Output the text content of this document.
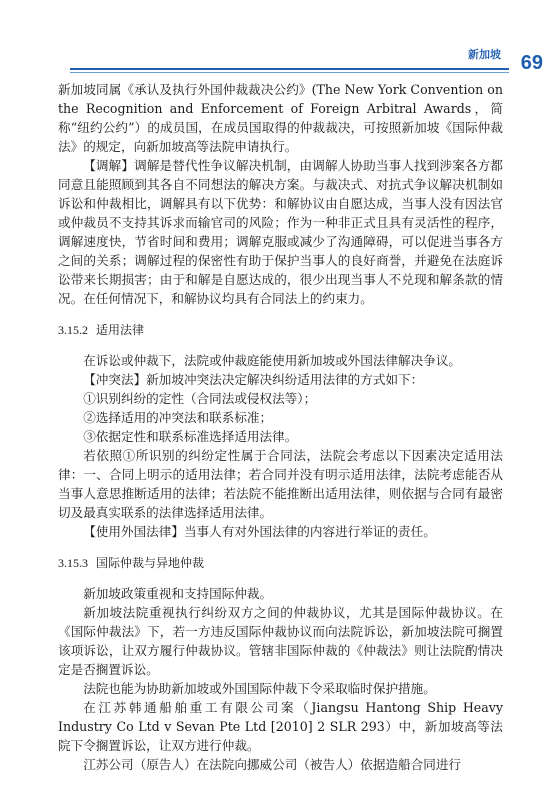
新加坡 69

新加坡同属《承认及执行外国仲裁裁决公约》(The New York Convention on the Recognition and Enforcement of Foreign Arbitral Awards，简称“纽约公约”）的成员国，在成员国取得的仲裁裁决，可按照新加坡《国际仲裁法》的规定，向新加坡高等法院申请执行。

【调解】调解是替代性争议解决机制，由调解人协助当事人找到涉案各方都同意且能照顾到其各自不同想法的解决方案。与裁决式、对抗式争议解决机制如诉讼和仲裁相比，调解具有以下优势：和解协议由自愿达成，当事人没有因法官或仲裁员不支持其诉求而输官司的风险；作为一种非正式且具有灵活性的程序，调解速度快，节省时间和费用；调解克服或减少了沟通障碍，可以促进当事各方之间的关系；调解过程的保密性有助于保护当事人的良好商誉，并避免在法庭诉讼带来长期损害；由于和解是自愿达成的，很少出现当事人不兑现和解条款的情况。在任何情况下，和解协议均具有合同法上的约束力。

3.15.2 适用法律

在诉讼或仲裁下，法院或仲裁庭能使用新加坡或外国法律解决争议。

【冲突法】新加坡冲突法决定解决纠纷适用法律的方式如下：

①识别纠纷的定性（合同法或侵权法等）；

②选择适用的冲突法和联系标准；

③依据定性和联系标准选择适用法律。

若依照①所识别的纠纷定性属于合同法，法院会考虑以下因素决定适用法律：一、合同上明示的适用法律；若合同并没有明示适用法律，法院考虑能否从当事人意思推断适用的法律；若法院不能推断出适用法律，则依据与合同有最密切及最真实联系的法律选择适用法律。

【使用外国法律】当事人有对外国法律的内容进行举证的责任。

3.15.3 国际仲裁与异地仲裁

新加坡政策重视和支持国际仲裁。

新加坡法院重视执行纠纷双方之间的仲裁协议，尤其是国际仲裁协议。在《国际仲裁法》下，若一方违反国际仲裁协议而向法院诉讼，新加坡法院可搁置该项诉讼，让双方履行仲裁协议。管辖非国际仲裁的《仲裁法》则让法院酌情决定是否搁置诉讼。

法院也能为协助新加坡或外国国际仲裁下令采取临时保护措施。

在江苏韩通船舶重工有限公司案（Jiangsu Hantong Ship Heavy Industry Co Ltd v Sevan Pte Ltd [2010] 2 SLR 293）中，新加坡高等法院下令搁置诉讼，让双方进行仲裁。

江苏公司（原告人）在法院向挪威公司（被告人）依据造船合同进行
